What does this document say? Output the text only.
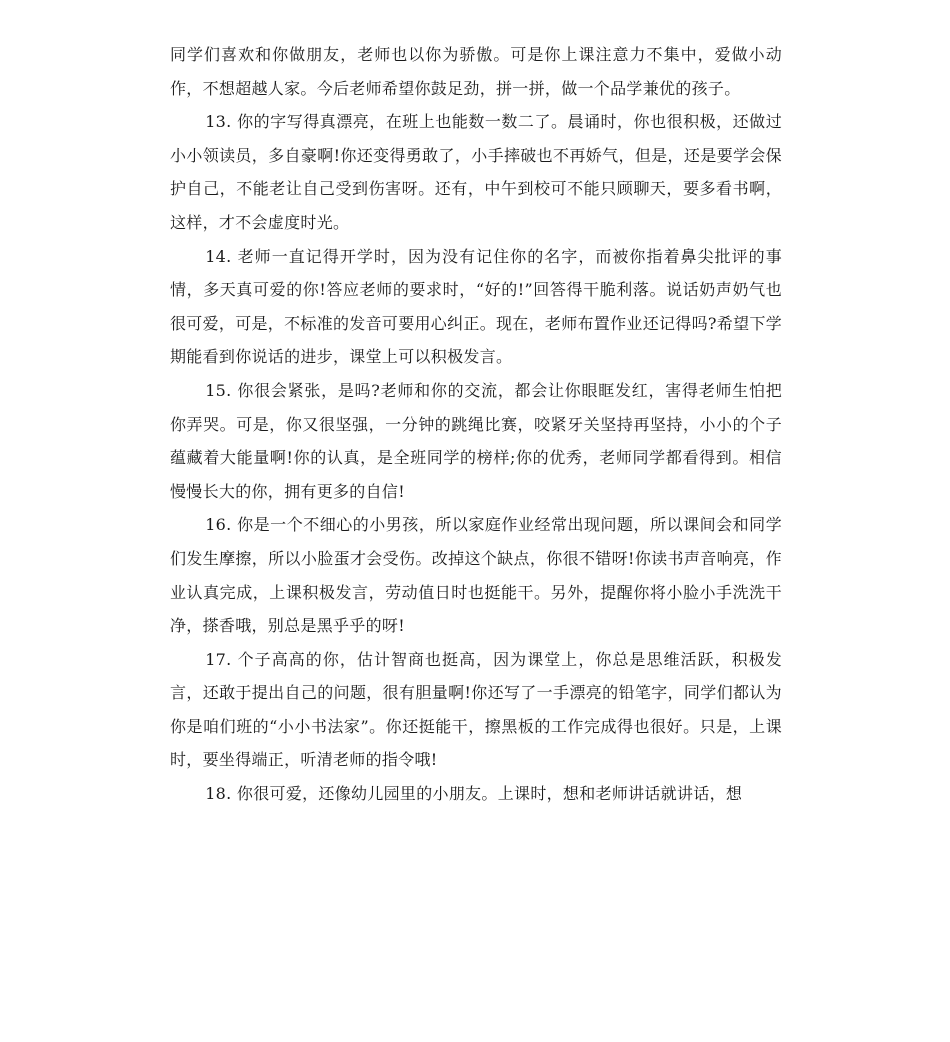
同学们喜欢和你做朋友，老师也以你为骄傲。可是你上课注意力不集中，爱做小动作，不想超越人家。今后老师希望你鼓足劲，拼一拼，做一个品学兼优的孩子。

13. 你的字写得真漂亮，在班上也能数一数二了。晨诵时，你也很积极，还做过小小领读员，多自豪啊!你还变得勇敢了，小手摔破也不再娇气，但是，还是要学会保护自己，不能老让自己受到伤害呀。还有，中午到校可不能只顾聊天，要多看书啊，这样，才不会虚度时光。

14. 老师一直记得开学时，因为没有记住你的名字，而被你指着鼻尖批评的事情，多天真可爱的你!答应老师的要求时，“好的!”回答得干脆利落。说话奶声奶气也很可爱，可是，不标准的发音可要用心纠正。现在，老师布置作业还记得吗?希望下学期能看到你说话的进步，课堂上可以积极发言。

15. 你很会紧张，是吗?老师和你的交流，都会让你眼眶发红，害得老师生怕把你弄哭。可是，你又很坚强，一分钟的跳绳比赛，咬紧牙关坚持再坚持，小小的个子蕴藏着大能量啊!你的认真，是全班同学的榜样;你的优秀，老师同学都看得到。相信慢慢长大的你，拥有更多的自信!

16. 你是一个不细心的小男孩，所以家庭作业经常出现问题，所以课间会和同学们发生摩擦，所以小脸蛋才会受伤。改掉这个缺点，你很不错呀!你读书声音响亮，作业认真完成，上课积极发言，劳动值日时也挺能干。另外，提醒你将小脸小手洗洗干净，搽香哦，别总是黑乎乎的呀!

17. 个子高高的你，估计智商也挺高，因为课堂上，你总是思维活跃，积极发言，还敢于提出自己的问题，很有胆量啊!你还写了一手漂亮的铅笔字，同学们都认为你是咱们班的“小小书法家”。你还挺能干，擦黑板的工作完成得也很好。只是，上课时，要坐得端正，听清老师的指令哦!

18. 你很可爱，还像幼儿园里的小朋友。上课时，想和老师讲话就讲话，想
